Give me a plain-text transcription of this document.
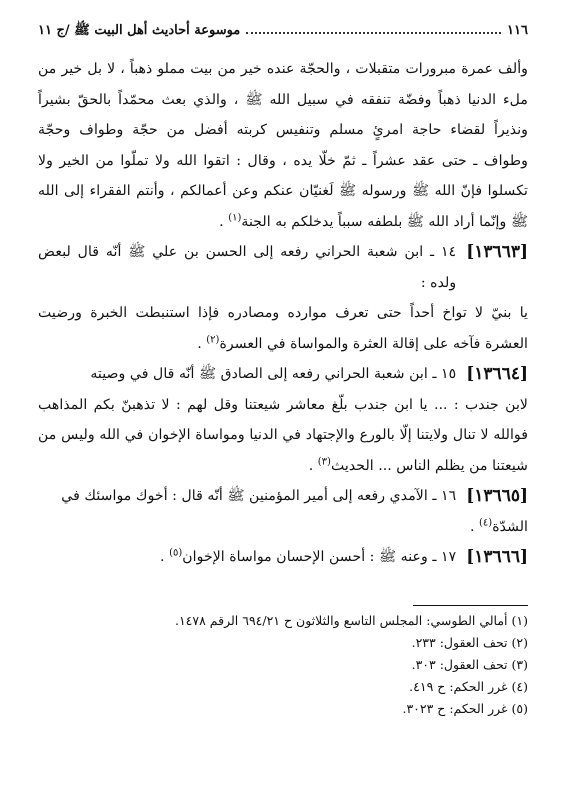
١١٦
موسوعة أحاديث أهل البيت ﷺ /ج ١١

وألف عمرة مبرورات متقبلات ، والحجّة عنده خير من بيت مملو ذهباً ، لا بل خير من ملء الدنيا ذهباً وفضّة تنفقه في سبيل الله ﷺ ، والذي بعث محمّداً بالحقّ بشيراً ونذيراً لقضاء حاجة امرئٍ مسلم وتنفيس كربته أفضل من حجّة وطواف وحجّة وطواف ـ حتى عقد عشراً ـ ثمّ خلّا يده ، وقال : اتقوا الله ولا تملّوا من الخير ولا تكسلوا فإنّ الله ﷺ ورسوله ﷺ لَغنيّان عنكم وعن أعمالكم ، وأنتم الفقراء إلى الله ﷺ وإنّما أراد الله ﷺ بلطفه سبباً يدخلكم به الجنة$^{(١)}$ .

[١٣٦٦٣]
١٤ ـ ابن شعبة الحراني رفعه إلى الحسن بن علي ﷺ أنّه قال لبعض ولده :
يا بنيّ لا تواخ أحداً حتى تعرف موارده ومصادره فإذا استنبطت الخبرة ورضيت العشرة فآخه على إقالة العثرة والمواساة في العسرة$^{(٢)}$ .
[١٣٦٦٤]
١٥ ـ ابن شعبة الحراني رفعه إلى الصادق ﷺ أنّه قال في وصيته
لابن جندب : ... يا ابن جندب بلّغ معاشر شيعتنا وقل لهم : لا تذهبنّ بكم المذاهب فوالله لا تنال ولايتنا إلّا بالورع والإجتهاد في الدنيا ومواساة الإخوان في الله وليس من شيعتنا من يظلم الناس ... الحديث$^{(٣)}$ .
[١٣٦٦٥]
١٦ ـ الآمدي رفعه إلى أمير المؤمنين ﷺ أنّه قال : أخوك مواسئك في
الشدّة$^{(٤)}$ .
[١٣٦٦٦]
١٧ ـ وعنه ﷺ : أحسن الإحسان مواساة الإخوان$^{(٥)}$ .

(١) أمالي الطوسي: المجلس التاسع والثلاثون ح ٦٩٤/٢١ الرقم ١٤٧٨.

(٢) تحف العقول: ٢٣٣.

(٣) تحف العقول: ٣٠٣.

(٤) غرر الحكم: ح ٤١٩.

(٥) غرر الحكم: ح ٣٠٢٣.
